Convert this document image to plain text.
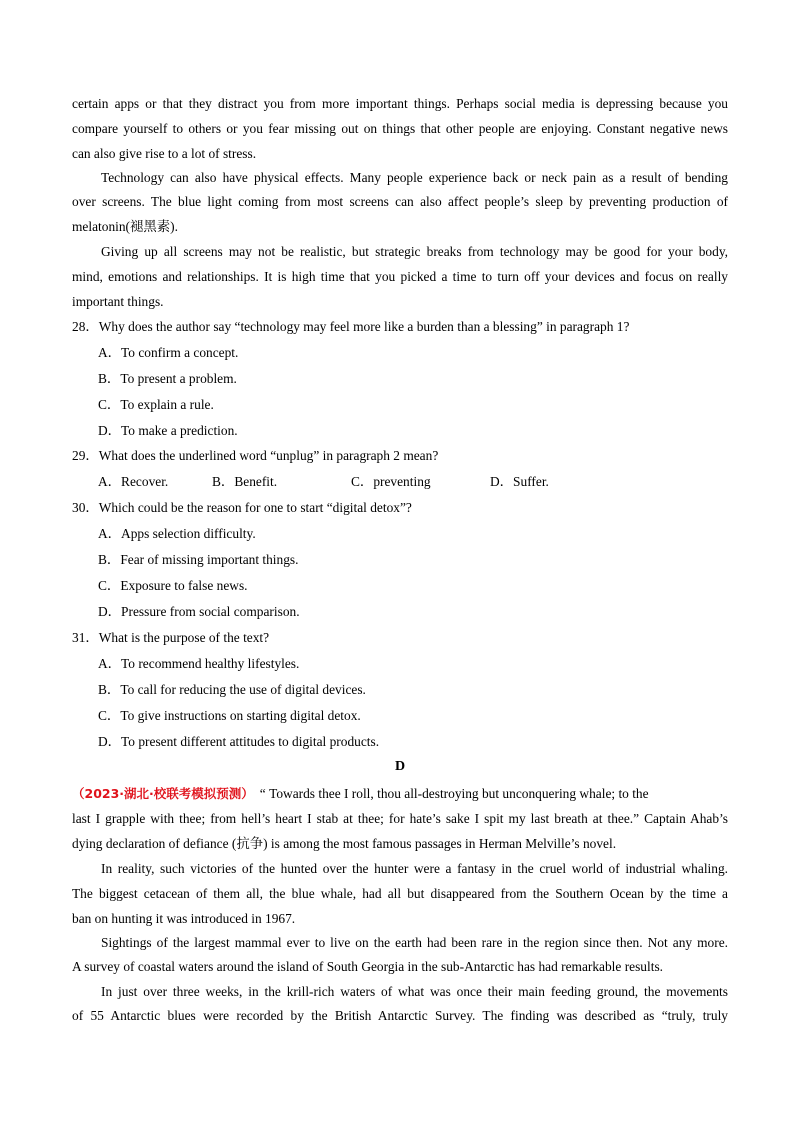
certain apps or that they distract you from more important things. Perhaps social media is depressing because you
compare yourself to others or you fear missing out on things that other people are enjoying. Constant negative news
can also give rise to a lot of stress.
Technology can also have physical effects. Many people experience back or neck pain as a result of bending
over screens. The blue light coming from most screens can also affect people’s sleep by preventing production of
melatonin(褪黑素).
Giving up all screens may not be realistic, but strategic breaks from technology may be good for your body,
mind, emotions and relationships. It is high time that you picked a time to turn off your devices and focus on really
important things.
28．Why does the author say “technology may feel more like a burden than a blessing” in paragraph 1?
A．To confirm a concept.
B．To present a problem.
C．To explain a rule.
D．To make a prediction.
29．What does the underlined word “unplug” in paragraph 2 mean?
A．Recover.	B．Benefit.	C．preventing	D．Suffer.
30．Which could be the reason for one to start “digital detox”?
A．Apps selection difficulty.
B．Fear of missing important things.
C．Exposure to false news.
D．Pressure from social comparison.
31．What is the purpose of the text?
A．To recommend healthy lifestyles.
B．To call for reducing the use of digital devices.
C．To give instructions on starting digital detox.
D．To present different attitudes to digital products.
D
（2023·湖北·校联考模拟预测） “ Towards thee I roll, thou all-destroying but unconquering whale; to the
last I grapple with thee; from hell’s heart I stab at thee; for hate’s sake I spit my last breath at thee.” Captain Ahab’s
dying declaration of defiance (抗争) is among the most famous passages in Herman Melville’s novel.
In reality, such victories of the hunted over the hunter were a fantasy in the cruel world of industrial whaling.
The biggest cetacean of them all, the blue whale, had all but disappeared from the Southern Ocean by the time a
ban on hunting it was introduced in 1967.
Sightings of the largest mammal ever to live on the earth had been rare in the region since then. Not any more.
A survey of coastal waters around the island of South Georgia in the sub-Antarctic has had remarkable results.
In just over three weeks, in the krill-rich waters of what was once their main feeding ground, the movements
of 55 Antarctic blues were recorded by the British Antarctic Survey. The finding was described as “truly, truly
